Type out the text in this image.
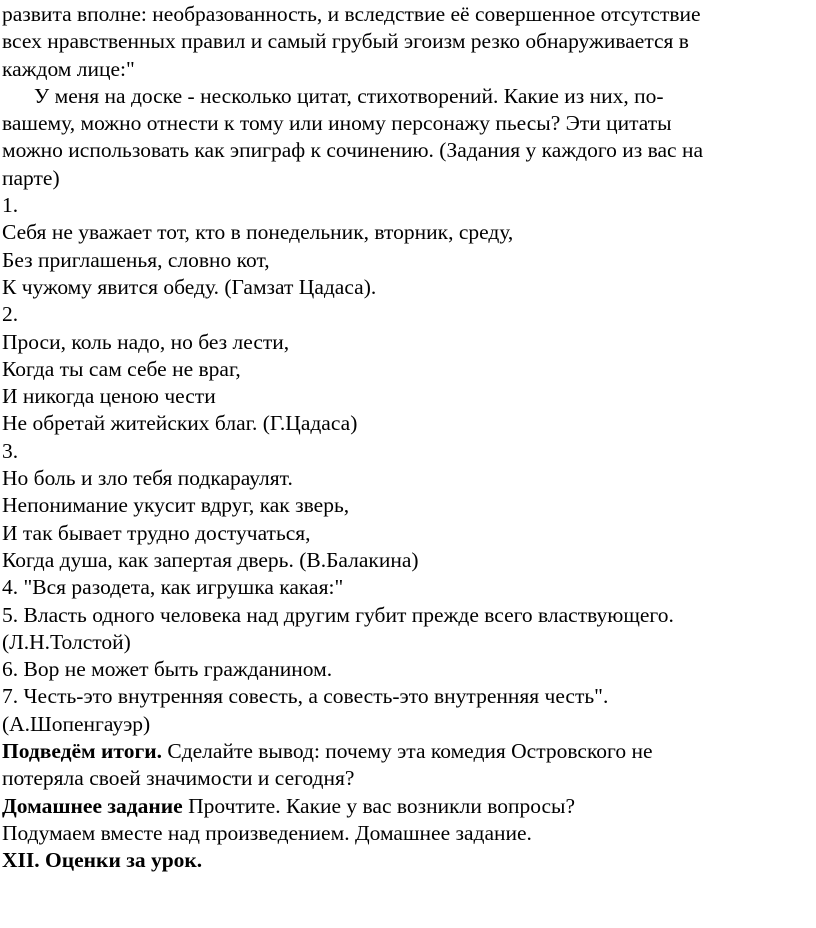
развита вполне: необразованность, и вследствие её совершенное отсутствие
всех нравственных правил и самый грубый эгоизм резко обнаруживается в
каждом лице:"
У меня на доске - несколько цитат, стихотворений. Какие из них, по-
вашему, можно отнести к тому или иному персонажу пьесы? Эти цитаты
можно использовать как эпиграф к сочинению. (Задания у каждого из вас на
парте)
1.
Себя не уважает тот, кто в понедельник, вторник, среду,
Без приглашенья, словно кот,
К чужому явится обеду. (Гамзат Цадаса).
2.
Проси, коль надо, но без лести,
Когда ты сам себе не враг,
И никогда ценою чести
Не обретай житейских благ. (Г.Цадаса)
3.
Но боль и зло тебя подкараулят.
Непонимание укусит вдруг, как зверь,
И так бывает трудно достучаться,
Когда душа, как запертая дверь. (В.Балакина)
4. "Вся разодета, как игрушка какая:"
5. Власть одного человека над другим губит прежде всего властвующего.
(Л.Н.Толстой)
6. Вор не может быть гражданином.
7. Честь-это внутренняя совесть, а совесть-это внутренняя честь".
(А.Шопенгауэр)
Подведём итоги. Сделайте вывод: почему эта комедия Островского не
потеряла своей значимости и сегодня?
Домашнее задание Прочтите. Какие у вас возникли вопросы?
Подумаем вместе над произведением. Домашнее задание.
XII. Оценки за урок.
